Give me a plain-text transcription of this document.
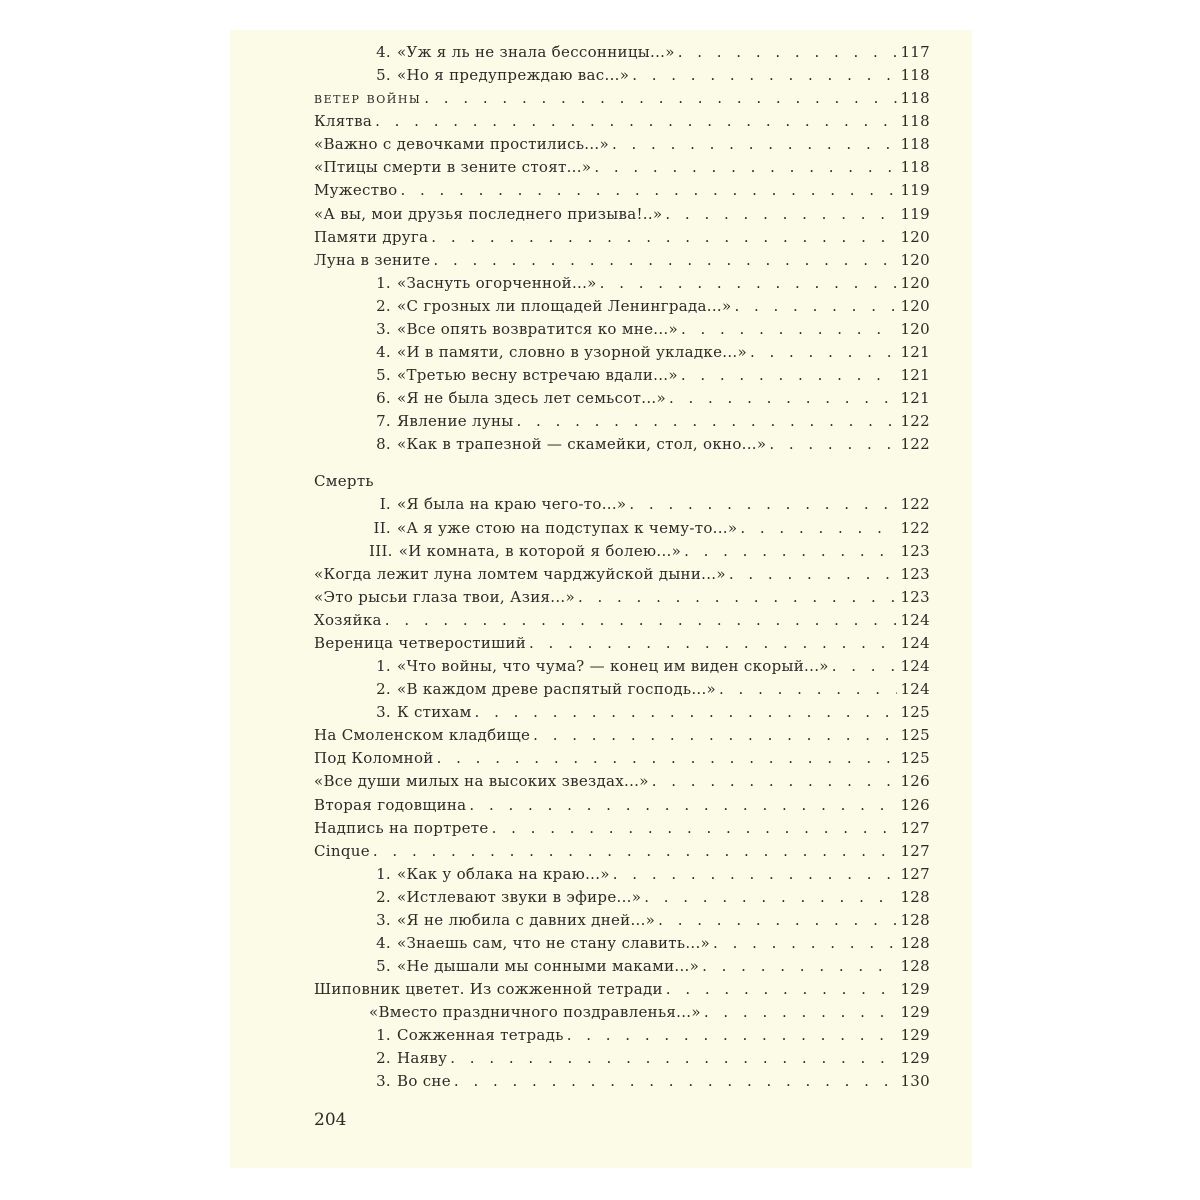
4. «Уж я ль не знала бессонницы...» . . .	117
5. «Но я предупреждаю вас...» . . .	118
ветер войны . . .	118
Клятва . . .	118
«Важно с девочками простились...» . . .	118
«Птицы смерти в зените стоят...» . . .	118
Мужество . . .	119
«А вы, мои друзья последнего призыва!..» . . .	119
Памяти друга . . .	120
Луна в зените . . .	120
1. «Заснуть огорченной...» . . .	120
2. «С грозных ли площадей Ленинграда...» . . .	120
3. «Все опять возвратится ко мне...» . . .	120
4. «И в памяти, словно в узорной укладке...» . . .	121
5. «Третью весну встречаю вдали...» . . .	121
6. «Я не была здесь лет семьсот...» . . .	121
7. Явление луны . . .	122
8. «Как в трапезной — скамейки, стол, окно...» . . .	122
Смерть
I. «Я была на краю чего-то...» . . .	122
II. «А я уже стою на подступах к чему-то...» . . .	122
III. «И комната, в которой я болею...» . . .	123
«Когда лежит луна ломтем чарджуйской дыни...» . . .	123
«Это рысьи глаза твои, Азия...» . . .	123
Хозяйка . . .	124
Вереница четверостиший . . .	124
1. «Что войны, что чума? — конец им виден скорый...» . . .	124
2. «В каждом древе распятый господь...» . . .	124
3. К стихам . . .	125
На Смоленском кладбище . . .	125
Под Коломной . . .	125
«Все души милых на высоких звездах...» . . .	126
Вторая годовщина . . .	126
Надпись на портрете . . .	127
Cinque . . .	127
1. «Как у облака на краю...» . . .	127
2. «Истлевают звуки в эфире...» . . .	128
3. «Я не любила с давних дней...» . . .	128
4. «Знаешь сам, что не стану славить...» . . .	128
5. «Не дышали мы сонными маками...» . . .	128
Шиповник цветет. Из сожженной тетради . . .	129
«Вместо праздничного поздравленья...» . . .	129
1. Сожженная тетрадь . . .	129
2. Наяву . . .	129
3. Во сне . . .	130
204
